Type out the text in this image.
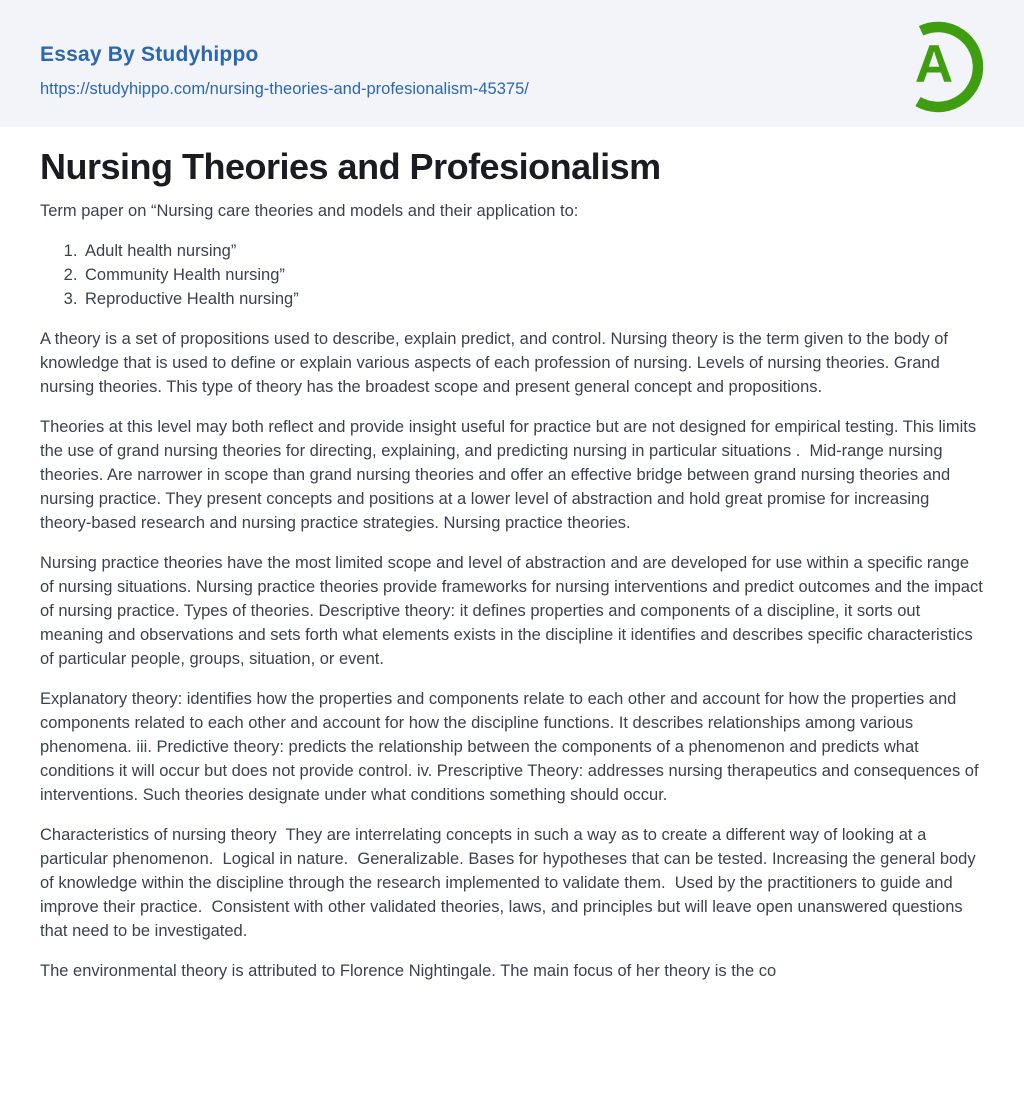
Essay By Studyhippo
https://studyhippo.com/nursing-theories-and-profesionalism-45375/	A
Nursing Theories and Profesionalism

Term paper on “Nursing care theories and models and their application to:

1. Adult health nursing”
2. Community Health nursing”
3. Reproductive Health nursing”

A theory is a set of propositions used to describe, explain predict, and control. Nursing theory is the term given to the body of knowledge that is used to define or explain various aspects of each profession of nursing. Levels of nursing theories. Grand nursing theories. This type of theory has the broadest scope and present general concept and propositions.

Theories at this level may both reflect and provide insight useful for practice but are not designed for empirical testing. This limits the use of grand nursing theories for directing, explaining, and predicting nursing in particular situations .  Mid-range nursing theories. Are narrower in scope than grand nursing theories and offer an effective bridge between grand nursing theories and nursing practice. They present concepts and positions at a lower level of abstraction and hold great promise for increasing theory-based research and nursing practice strategies. Nursing practice theories.

Nursing practice theories have the most limited scope and level of abstraction and are developed for use within a specific range of nursing situations. Nursing practice theories provide frameworks for nursing interventions and predict outcomes and the impact of nursing practice. Types of theories. Descriptive theory: it defines properties and components of a discipline, it sorts out meaning and observations and sets forth what elements exists in the discipline it identifies and describes specific characteristics of particular people, groups, situation, or event.

Explanatory theory: identifies how the properties and components relate to each other and account for how the properties and components related to each other and account for how the discipline functions. It describes relationships among various phenomena. iii. Predictive theory: predicts the relationship between the components of a phenomenon and predicts what conditions it will occur but does not provide control. iv. Prescriptive Theory: addresses nursing therapeutics and consequences of interventions. Such theories designate under what conditions something should occur.

Characteristics of nursing theory  They are interrelating concepts in such a way as to create a different way of looking at a particular phenomenon.  Logical in nature.  Generalizable. Bases for hypotheses that can be tested. Increasing the general body of knowledge within the discipline through the research implemented to validate them.  Used by the practitioners to guide and improve their practice.  Consistent with other validated theories, laws, and principles but will leave open unanswered questions that need to be investigated.

The environmental theory is attributed to Florence Nightingale. The main focus of her theory is the co
